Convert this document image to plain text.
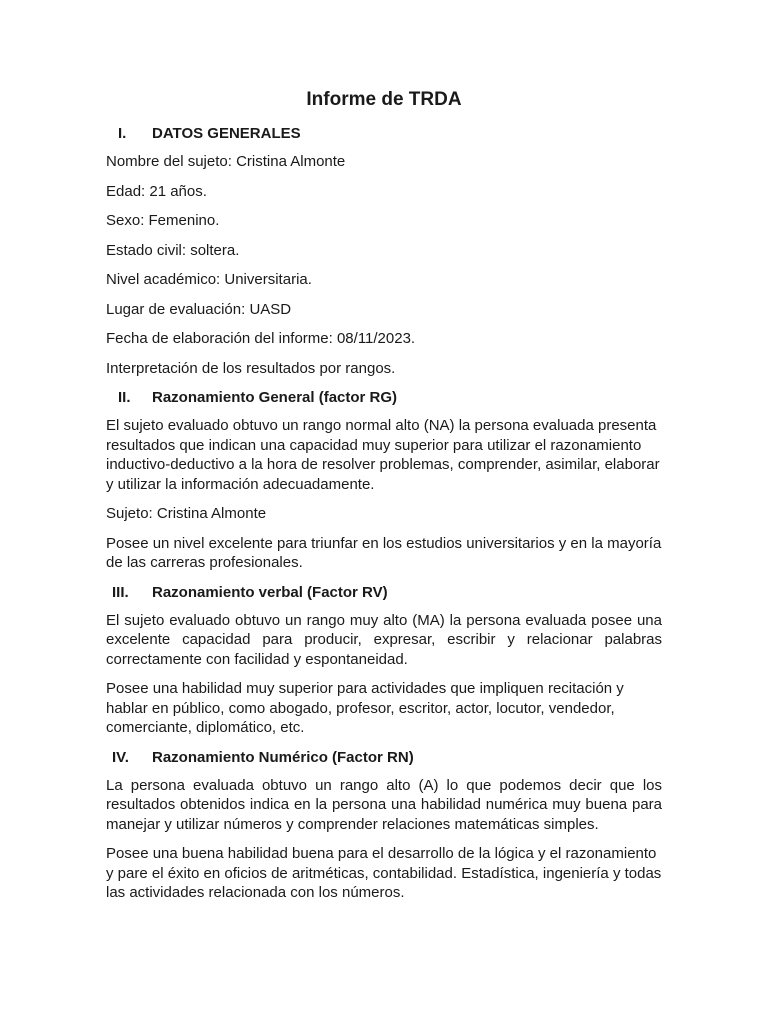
Informe de TRDA
I.	DATOS GENERALES

Nombre del sujeto: Cristina Almonte

Edad: 21 años.

Sexo: Femenino.

Estado civil: soltera.

Nivel académico: Universitaria.

Lugar de evaluación: UASD

Fecha de elaboración del informe: 08/11/2023.

Interpretación de los resultados por rangos.

II.	Razonamiento General (factor RG)

El sujeto evaluado obtuvo un rango normal alto (NA) la persona evaluada presenta resultados que indican una capacidad muy superior para utilizar el razonamiento inductivo-deductivo a la hora de resolver problemas, comprender, asimilar, elaborar y utilizar la información adecuadamente.

Sujeto: Cristina Almonte

Posee un nivel excelente para triunfar en los estudios universitarios y en la mayoría de las carreras profesionales.

III.	Razonamiento verbal (Factor RV)

El sujeto evaluado obtuvo un rango muy alto (MA) la persona evaluada posee una excelente capacidad para producir, expresar, escribir y relacionar palabras correctamente con facilidad y espontaneidad.

Posee una habilidad muy superior para actividades que impliquen recitación y hablar en público, como abogado, profesor, escritor, actor, locutor, vendedor, comerciante, diplomático, etc.

IV.	Razonamiento Numérico (Factor RN)

La persona evaluada obtuvo un rango alto (A) lo que podemos decir que los resultados obtenidos indica en la persona una habilidad numérica muy buena para manejar y utilizar números y comprender relaciones matemáticas simples.

Posee una buena habilidad buena para el desarrollo de la lógica y el razonamiento y pare el éxito en oficios de aritméticas, contabilidad. Estadística, ingeniería y todas las actividades relacionada con los números.
